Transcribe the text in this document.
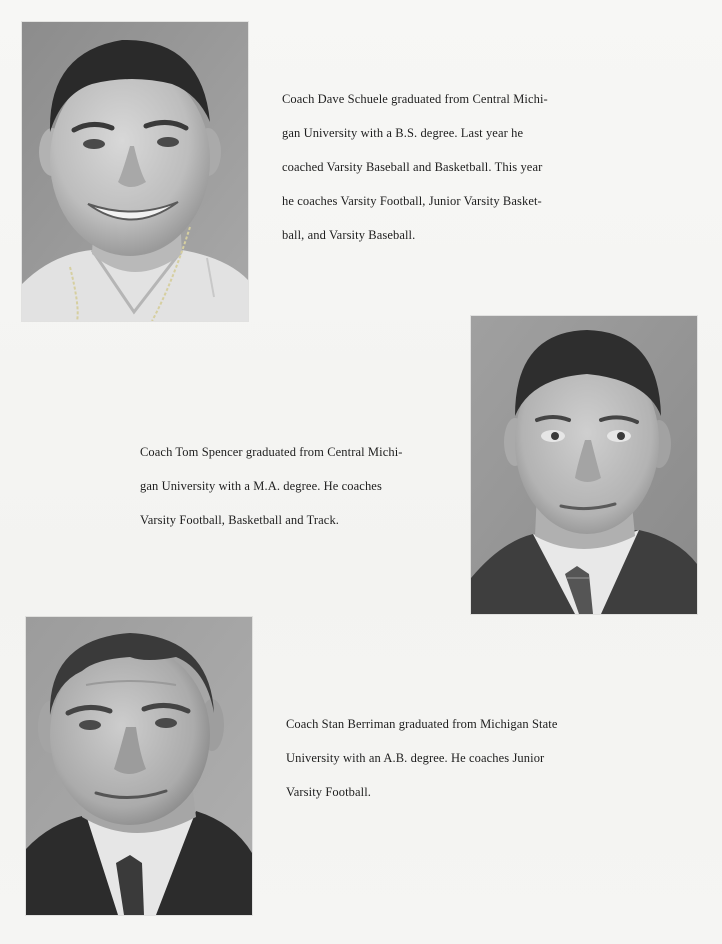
Coach Dave Schuele graduated from Central Michi-
gan University with a B.S. degree. Last year he
coached Varsity Baseball and Basketball. This year
he coaches Varsity Football, Junior Varsity Basket-
ball, and Varsity Baseball.
Coach Tom Spencer graduated from Central Michi-
gan University with a M.A. degree. He coaches
Varsity Football, Basketball and Track.
Coach Stan Berriman graduated from Michigan State
University with an A.B. degree. He coaches Junior
Varsity Football.
